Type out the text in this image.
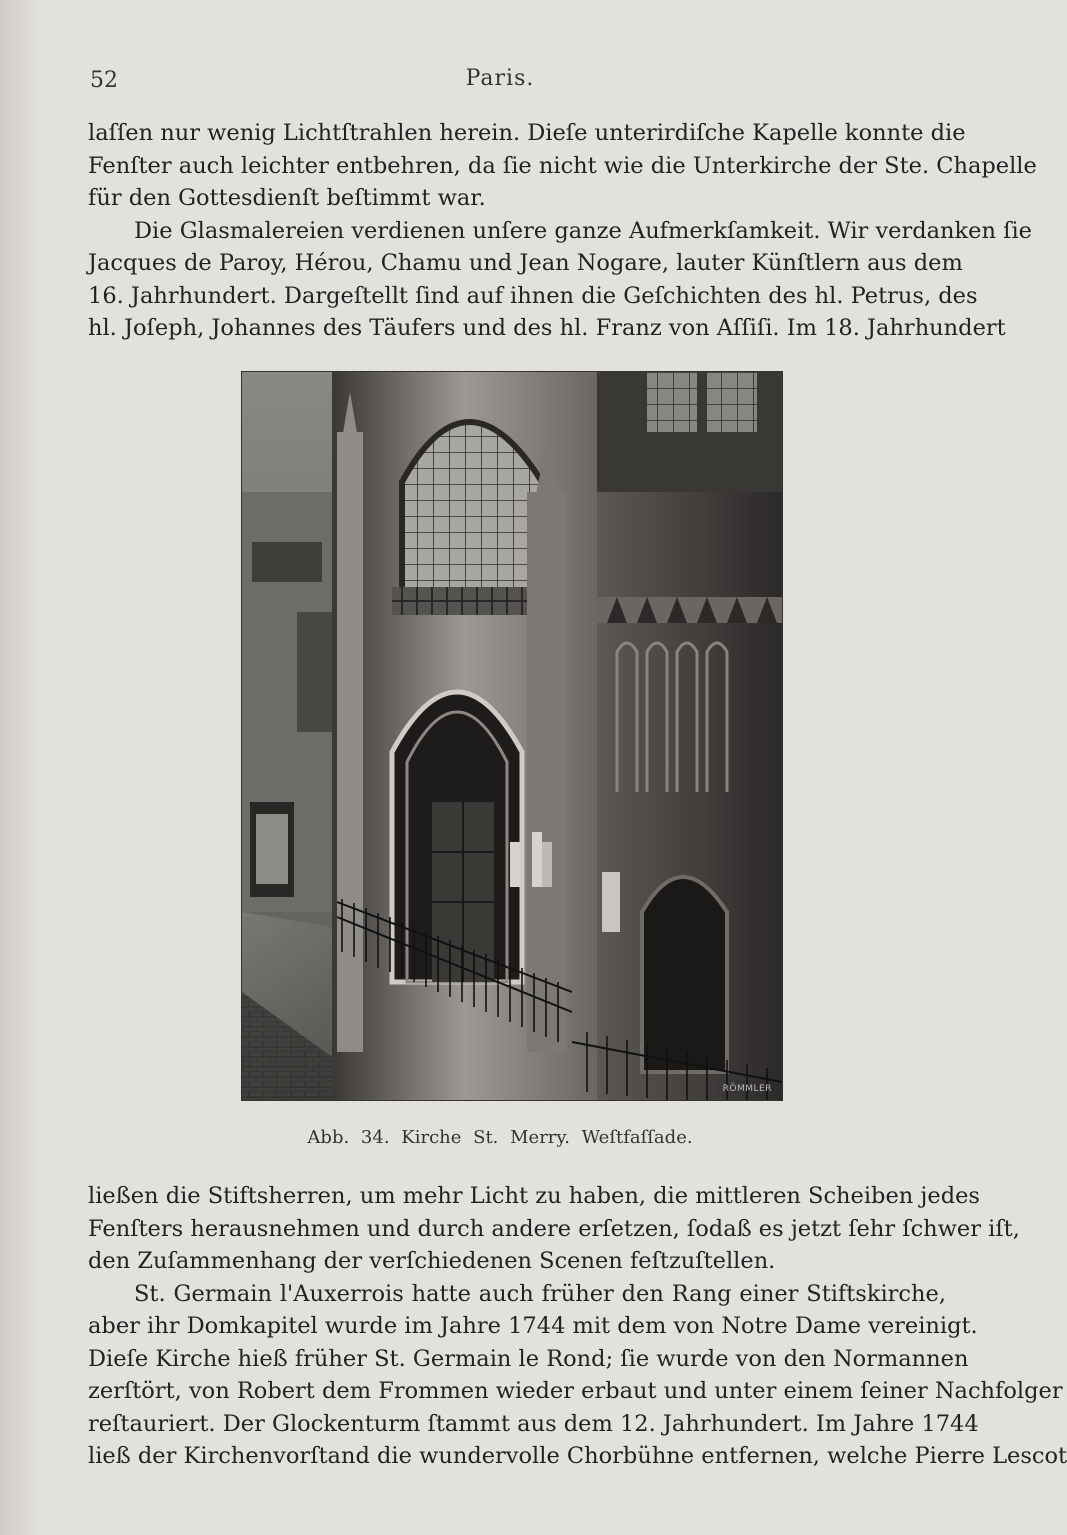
52	Paris.

laſſen nur wenig Lichtſtrahlen herein. Dieſe unterirdiſche Kapelle konnte die
Fenſter auch leichter entbehren, da ſie nicht wie die Unterkirche der Ste. Chapelle
für den Gottesdienſt beſtimmt war.

Die Glasmalereien verdienen unſere ganze Aufmerkſamkeit. Wir verdanken ſie
Jacques de Paroy, Hérou, Chamu und Jean Nogare, lauter Künſtlern aus dem
16. Jahrhundert. Dargeſtellt ſind auf ihnen die Geſchichten des hl. Petrus, des
hl. Joſeph, Johannes des Täufers und des hl. Franz von Aſſiſi. Im 18. Jahrhundert

RÖMMLER
Abb. 34. Kirche St. Merry. Weſtfaſſade.

ließen die Stiftsherren, um mehr Licht zu haben, die mittleren Scheiben jedes
Fenſters herausnehmen und durch andere erſetzen, ſodaß es jetzt ſehr ſchwer iſt,
den Zuſammenhang der verſchiedenen Scenen feſtzuſtellen.

St. Germain l'Auxerrois hatte auch früher den Rang einer Stiftskirche,
aber ihr Domkapitel wurde im Jahre 1744 mit dem von Notre Dame vereinigt.
Dieſe Kirche hieß früher St. Germain le Rond; ſie wurde von den Normannen
zerſtört, von Robert dem Frommen wieder erbaut und unter einem ſeiner Nachfolger
reſtauriert. Der Glockenturm ſtammt aus dem 12. Jahrhundert. Im Jahre 1744
ließ der Kirchenvorſtand die wundervolle Chorbühne entfernen, welche Pierre Lescot
